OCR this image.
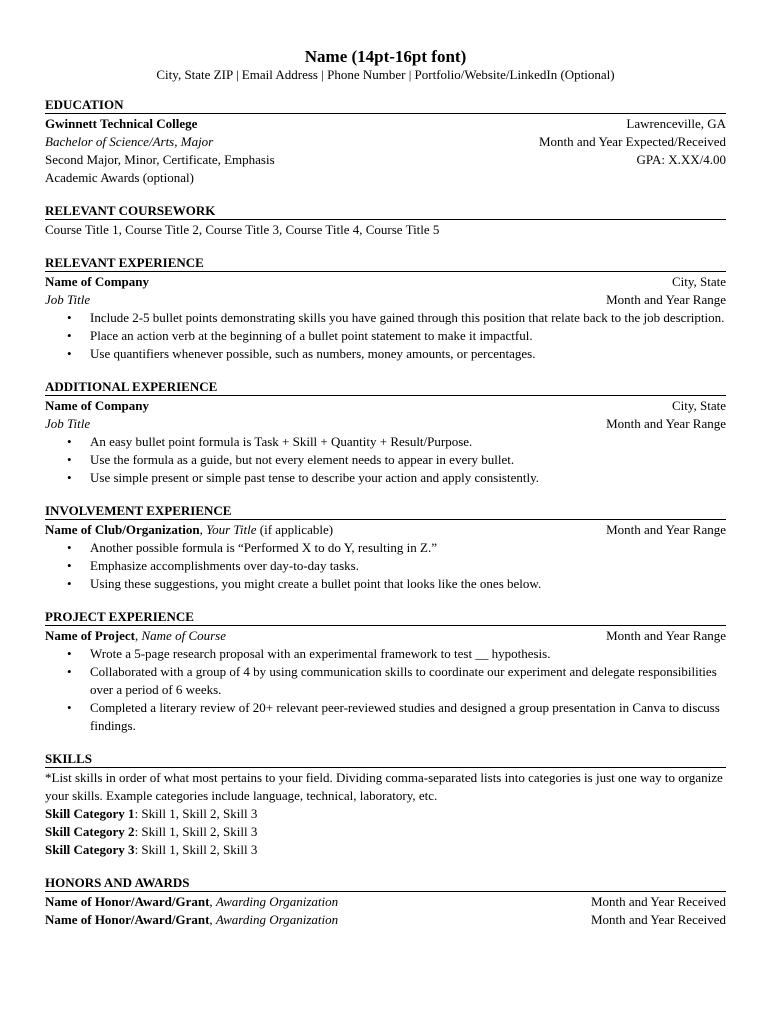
Name (14pt-16pt font)
City, State ZIP | Email Address | Phone Number | Portfolio/Website/LinkedIn (Optional)
EDUCATION
Gwinnett Technical College	Lawrenceville, GA
Bachelor of Science/Arts, Major	Month and Year Expected/Received
Second Major, Minor, Certificate, Emphasis	GPA: X.XX/4.00
Academic Awards (optional)
RELEVANT COURSEWORK
Course Title 1, Course Title 2, Course Title 3, Course Title 4, Course Title 5
RELEVANT EXPERIENCE
Name of Company	City, State
Job Title	Month and Year Range
• Include 2-5 bullet points demonstrating skills you have gained through this position that relate back to the job description.
• Place an action verb at the beginning of a bullet point statement to make it impactful.
• Use quantifiers whenever possible, such as numbers, money amounts, or percentages.
ADDITIONAL EXPERIENCE
Name of Company	City, State
Job Title	Month and Year Range
• An easy bullet point formula is Task + Skill + Quantity + Result/Purpose.
• Use the formula as a guide, but not every element needs to appear in every bullet.
• Use simple present or simple past tense to describe your action and apply consistently.
INVOLVEMENT EXPERIENCE
Name of Club/Organization, Your Title (if applicable)	Month and Year Range
• Another possible formula is “Performed X to do Y, resulting in Z.”
• Emphasize accomplishments over day-to-day tasks.
• Using these suggestions, you might create a bullet point that looks like the ones below.
PROJECT EXPERIENCE
Name of Project, Name of Course	Month and Year Range
• Wrote a 5-page research proposal with an experimental framework to test __ hypothesis.
• Collaborated with a group of 4 by using communication skills to coordinate our experiment and delegate responsibilities over a period of 6 weeks.
• Completed a literary review of 20+ relevant peer-reviewed studies and designed a group presentation in Canva to discuss findings.
SKILLS
*List skills in order of what most pertains to your field. Dividing comma-separated lists into categories is just one way to organize your skills. Example categories include language, technical, laboratory, etc.
Skill Category 1: Skill 1, Skill 2, Skill 3
Skill Category 2: Skill 1, Skill 2, Skill 3
Skill Category 3: Skill 1, Skill 2, Skill 3
HONORS AND AWARDS
Name of Honor/Award/Grant, Awarding Organization	Month and Year Received
Name of Honor/Award/Grant, Awarding Organization	Month and Year Received
